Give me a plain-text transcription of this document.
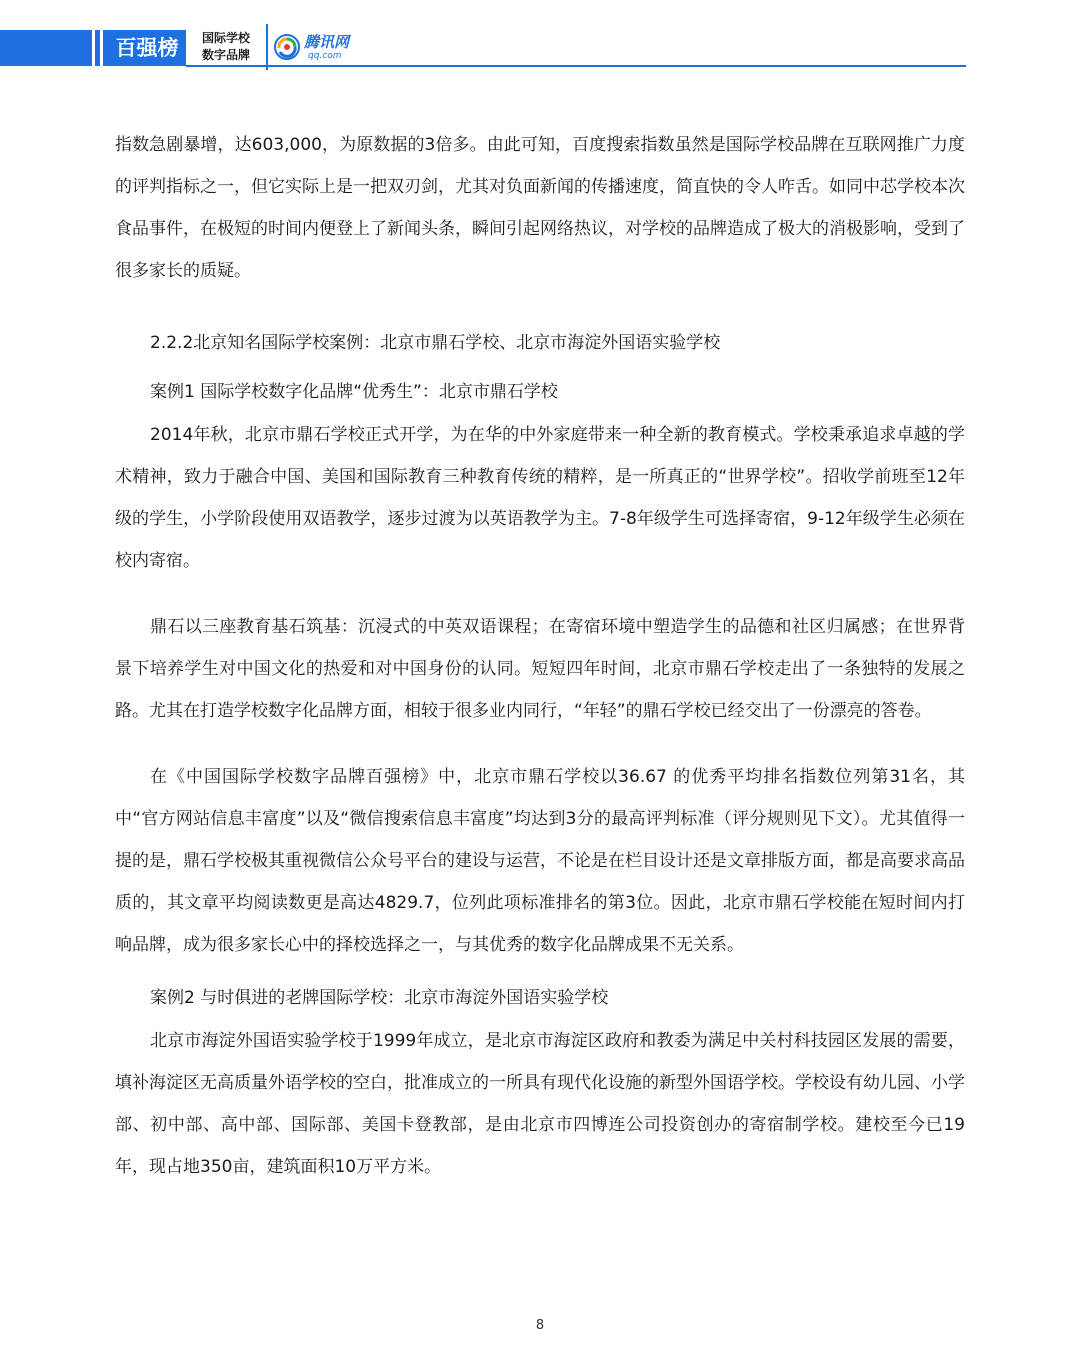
百强榜	国际学校
数字品牌
腾讯网
qq.com

指数急剧暴增，达603,000，为原数据的3倍多。由此可知，百度搜索指数虽然是国际学校品牌在互联网推广力度的评判指标之一，但它实际上是一把双刃剑，尤其对负面新闻的传播速度，简直快的令人咋舌。如同中芯学校本次食品事件，在极短的时间内便登上了新闻头条，瞬间引起网络热议，对学校的品牌造成了极大的消极影响，受到了很多家长的质疑。

2.2.2北京知名国际学校案例：北京市鼎石学校、北京市海淀外国语实验学校

案例1 国际学校数字化品牌“优秀生”：北京市鼎石学校

2014年秋，北京市鼎石学校正式开学，为在华的中外家庭带来一种全新的教育模式。学校秉承追求卓越的学术精神，致力于融合中国、美国和国际教育三种教育传统的精粹，是一所真正的“世界学校”。招收学前班至12年级的学生，小学阶段使用双语教学，逐步过渡为以英语教学为主。7-8年级学生可选择寄宿，9-12年级学生必须在校内寄宿。

鼎石以三座教育基石筑基：沉浸式的中英双语课程；在寄宿环境中塑造学生的品德和社区归属感；在世界背景下培养学生对中国文化的热爱和对中国身份的认同。短短四年时间，北京市鼎石学校走出了一条独特的发展之路。尤其在打造学校数字化品牌方面，相较于很多业内同行，“年轻”的鼎石学校已经交出了一份漂亮的答卷。

在《中国国际学校数字品牌百强榜》中，北京市鼎石学校以36.67 的优秀平均排名指数位列第31名，其中“官方网站信息丰富度”以及“微信搜索信息丰富度”均达到3分的最高评判标准（评分规则见下文）。尤其值得一提的是，鼎石学校极其重视微信公众号平台的建设与运营，不论是在栏目设计还是文章排版方面，都是高要求高品质的，其文章平均阅读数更是高达4829.7，位列此项标准排名的第3位。因此，北京市鼎石学校能在短时间内打响品牌，成为很多家长心中的择校选择之一，与其优秀的数字化品牌成果不无关系。

案例2 与时俱进的老牌国际学校：北京市海淀外国语实验学校

北京市海淀外国语实验学校于1999年成立，是北京市海淀区政府和教委为满足中关村科技园区发展的需要，填补海淀区无高质量外语学校的空白，批准成立的一所具有现代化设施的新型外国语学校。学校设有幼儿园、小学部、初中部、高中部、国际部、美国卡登教部，是由北京市四博连公司投资创办的寄宿制学校。建校至今已19年，现占地350亩，建筑面积10万平方米。

8
